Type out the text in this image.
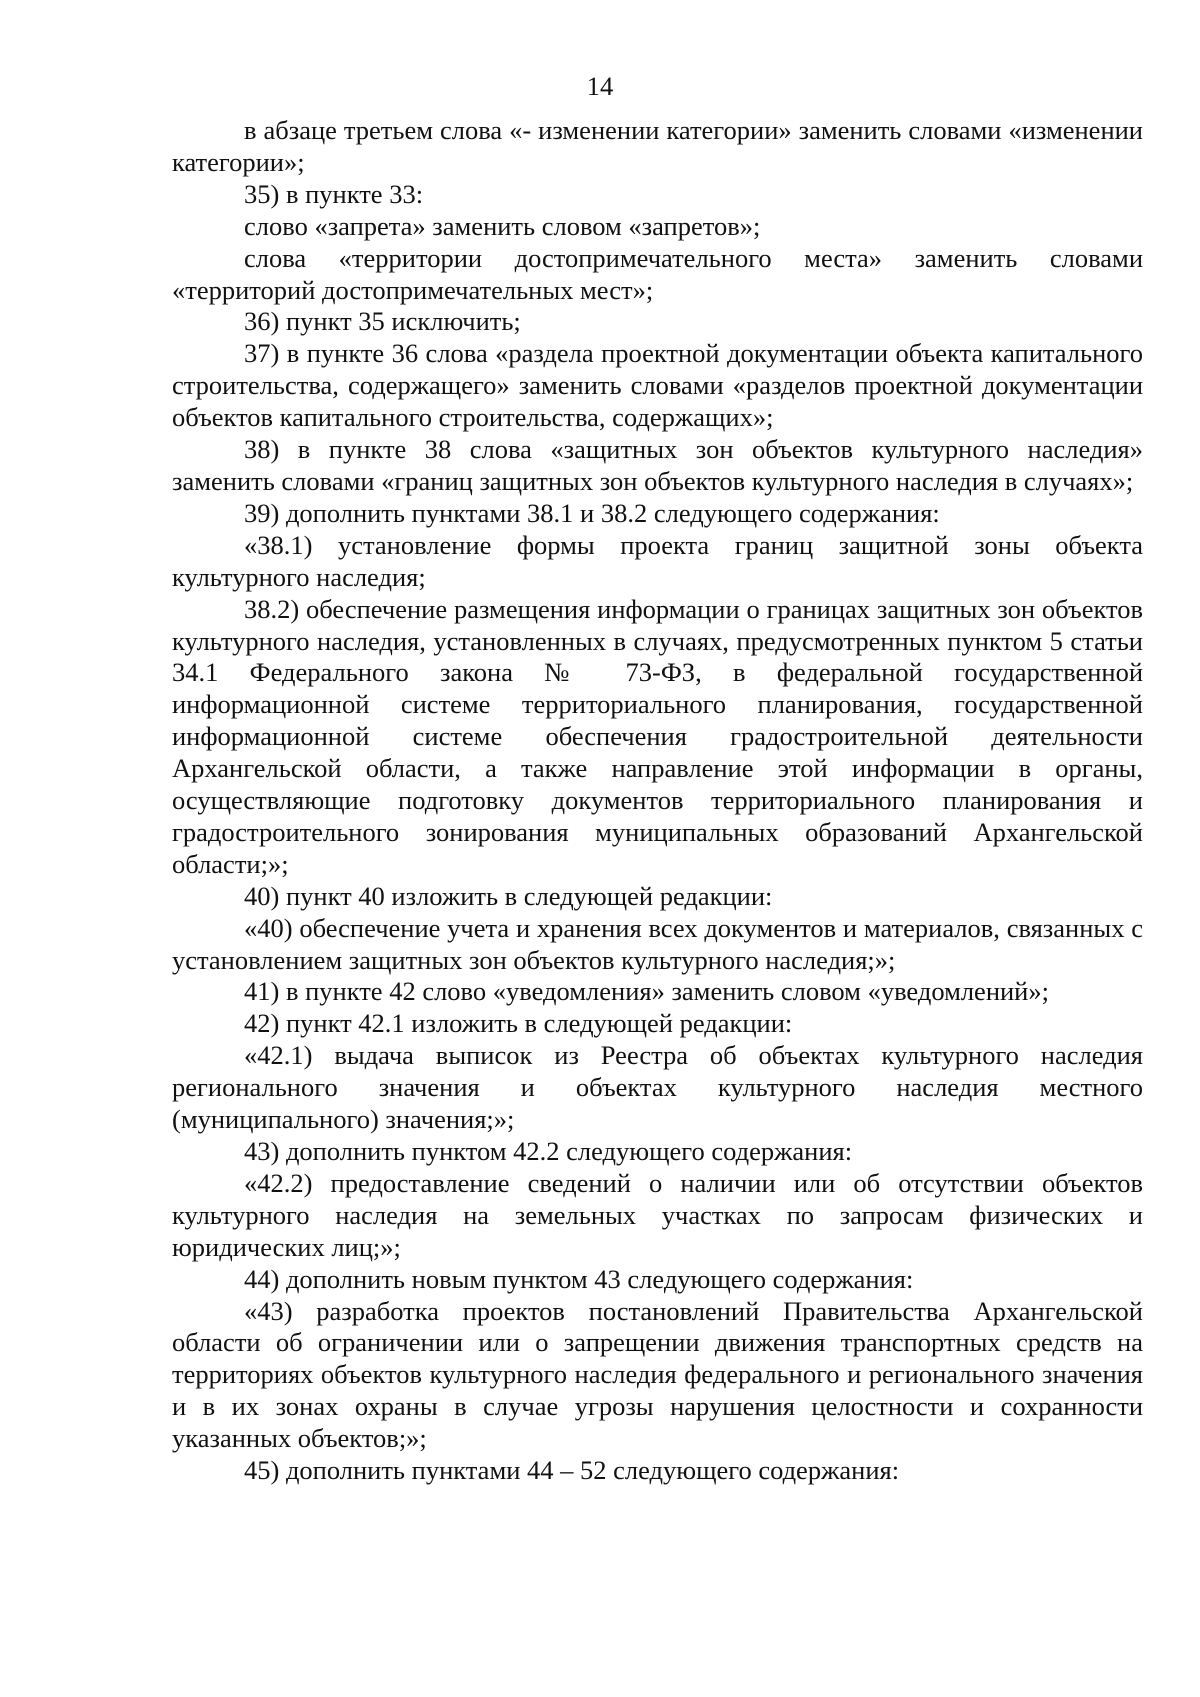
14

в абзаце третьем слова «- изменении категории» заменить словами «изменении категории»;

35) в пункте 33:

слово «запрета» заменить словом «запретов»;

слова «территории достопримечательного места» заменить словами «территорий достопримечательных мест»;

36) пункт 35 исключить;

37) в пункте 36 слова «раздела проектной документации объекта капитального строительства, содержащего» заменить словами «разделов проектной документации объектов капитального строительства, содержащих»;

38) в пункте 38 слова «защитных зон объектов культурного наследия» заменить словами «границ защитных зон объектов культурного наследия в случаях»;

39) дополнить пунктами 38.1 и 38.2 следующего содержания:

«38.1) установление формы проекта границ защитной зоны объекта культурного наследия;

38.2) обеспечение размещения информации о границах защитных зон объектов культурного наследия, установленных в случаях, предусмотренных пунктом 5 статьи 34.1 Федерального закона № 73-ФЗ, в федеральной государственной информационной системе территориального планирования, государственной информационной системе обеспечения градостроительной деятельности Архангельской области, а также направление этой информации в органы, осуществляющие подготовку документов территориального планирования и градостроительного зонирования муниципальных образований Архангельской области;»;

40) пункт 40 изложить в следующей редакции:

«40) обеспечение учета и хранения всех документов и материалов, связанных с установлением защитных зон объектов культурного наследия;»;

41) в пункте 42 слово «уведомления» заменить словом «уведомлений»;

42) пункт 42.1 изложить в следующей редакции:

«42.1) выдача выписок из Реестра об объектах культурного наследия регионального значения и объектах культурного наследия местного (муниципального) значения;»;

43) дополнить пунктом 42.2 следующего содержания:

«42.2) предоставление сведений о наличии или об отсутствии объектов культурного наследия на земельных участках по запросам физических и юридических лиц;»;

44) дополнить новым пунктом 43 следующего содержания:

«43) разработка проектов постановлений Правительства Архангельской области об ограничении или о запрещении движения транспортных средств на территориях объектов культурного наследия федерального и регионального значения и в их зонах охраны в случае угрозы нарушения целостности и сохранности указанных объектов;»;

45) дополнить пунктами 44 – 52 следующего содержания:
